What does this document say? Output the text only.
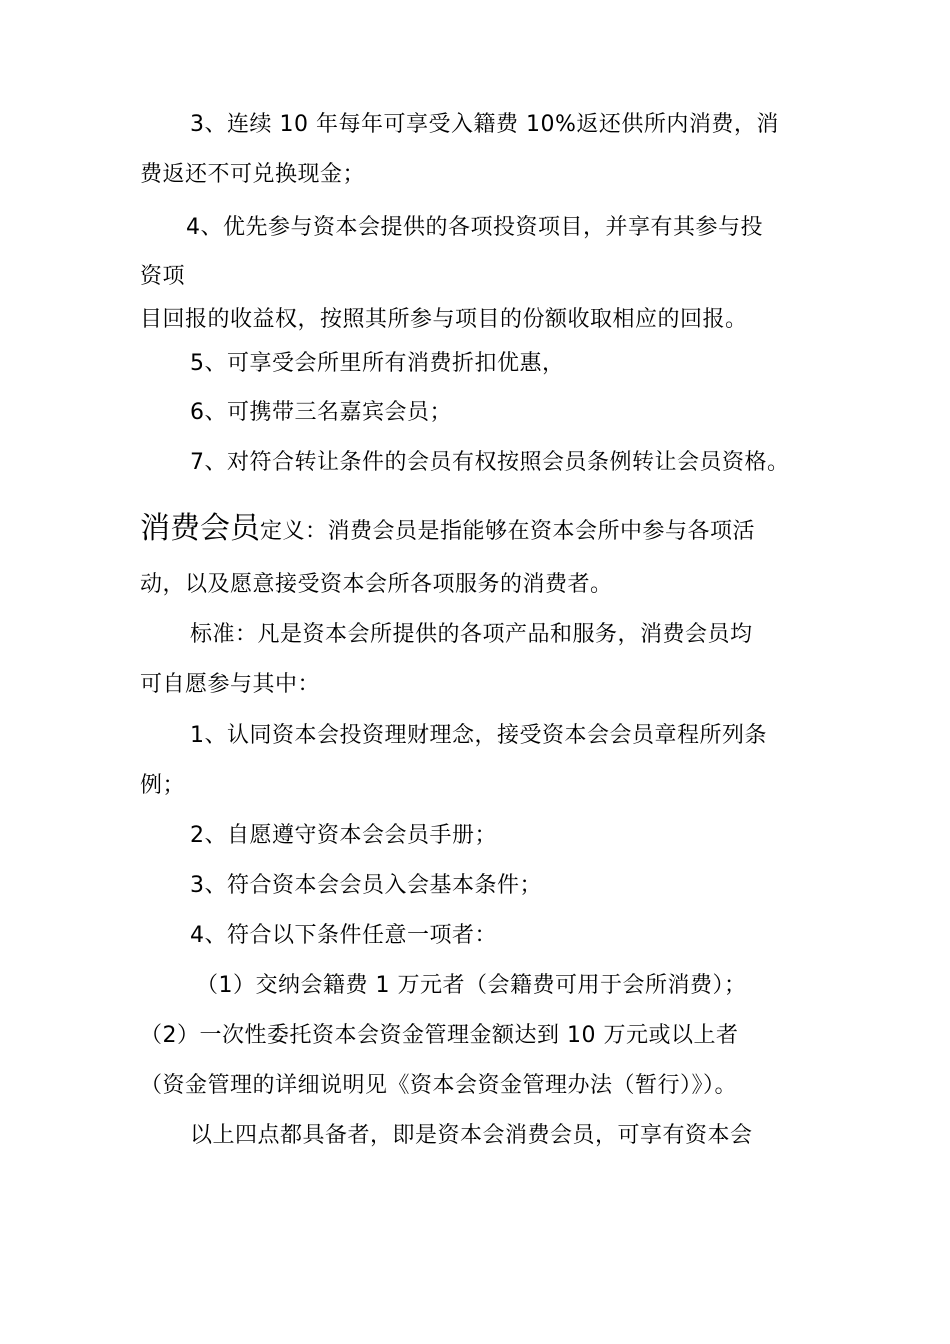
3、连续 10 年每年可享受入籍费 10%返还供所内消费，消
费返还不可兑换现金；
4、优先参与资本会提供的各项投资项目，并享有其参与投
资项
目回报的收益权，按照其所参与项目的份额收取相应的回报。
5、可享受会所里所有消费折扣优惠，
6、可携带三名嘉宾会员；
7、对符合转让条件的会员有权按照会员条例转让会员资格。
消费会员定义：消费会员是指能够在资本会所中参与各项活
动，以及愿意接受资本会所各项服务的消费者。
标准：凡是资本会所提供的各项产品和服务，消费会员均
可自愿参与其中：
1、认同资本会投资理财理念，接受资本会会员章程所列条
例；
2、自愿遵守资本会会员手册；
3、符合资本会会员入会基本条件；
4、符合以下条件任意一项者：
（1）交纳会籍费 1 万元者（会籍费可用于会所消费）；
（2）一次性委托资本会资金管理金额达到 10 万元或以上者
（资金管理的详细说明见《资本会资金管理办法（暂行）》）。
以上四点都具备者，即是资本会消费会员，可享有资本会
